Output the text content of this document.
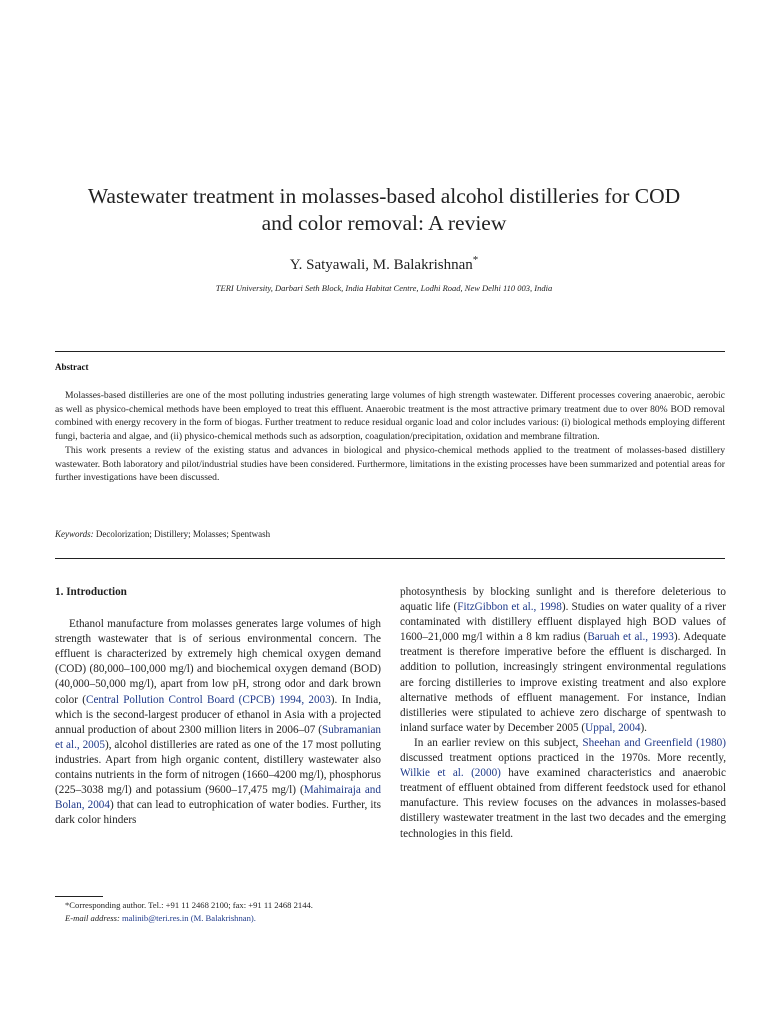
Wastewater treatment in molasses-based alcohol distilleries for COD
and color removal: A review
Y. Satyawali, M. Balakrishnan*
TERI University, Darbari Seth Block, India Habitat Centre, Lodhi Road, New Delhi 110 003, India
Abstract

Molasses-based distilleries are one of the most polluting industries generating large volumes of high strength wastewater. Different processes covering anaerobic, aerobic as well as physico-chemical methods have been employed to treat this effluent. Anaerobic treatment is the most attractive primary treatment due to over 80% BOD removal combined with energy recovery in the form of biogas. Further treatment to reduce residual organic load and color includes various: (i) biological methods employing different fungi, bacteria and algae, and (ii) physico-chemical methods such as adsorption, coagulation/precipitation, oxidation and membrane filtration.

This work presents a review of the existing status and advances in biological and physico-chemical methods applied to the treatment of molasses-based distillery wastewater. Both laboratory and pilot/industrial studies have been considered. Furthermore, limitations in the existing processes have been summarized and potential areas for further investigations have been discussed.

Keywords: Decolorization; Distillery; Molasses; Spentwash
1. Introduction

Ethanol manufacture from molasses generates large volumes of high strength wastewater that is of serious environmental concern. The effluent is characterized by extremely high chemical oxygen demand (COD) (80,000–100,000 mg/l) and biochemical oxygen demand (BOD) (40,000–50,000 mg/l), apart from low pH, strong odor and dark brown color (Central Pollution Control Board (CPCB) 1994, 2003). In India, which is the second-largest producer of ethanol in Asia with a projected annual production of about 2300 million liters in 2006–07 (Subramanian et al., 2005), alcohol distilleries are rated as one of the 17 most polluting industries. Apart from high organic content, distillery wastewater also contains nutrients in the form of nitrogen (1660–4200 mg/l), phosphorus (225–3038 mg/l) and potassium (9600–17,475 mg/l) (Mahimairaja and Bolan, 2004) that can lead to eutrophication of water bodies. Further, its dark color hinders

photosynthesis by blocking sunlight and is therefore deleterious to aquatic life (FitzGibbon et al., 1998). Studies on water quality of a river contaminated with distillery effluent displayed high BOD values of 1600–21,000 mg/l within a 8 km radius (Baruah et al., 1993). Adequate treatment is therefore imperative before the effluent is discharged. In addition to pollution, increasingly stringent environmental regulations are forcing distilleries to improve existing treatment and also explore alternative methods of effluent management. For instance, Indian distilleries were stipulated to achieve zero discharge of spentwash to inland surface water by December 2005 (Uppal, 2004).

In an earlier review on this subject, Sheehan and Greenfield (1980) discussed treatment options practiced in the 1970s. More recently, Wilkie et al. (2000) have examined characteristics and anaerobic treatment of effluent obtained from different feedstock used for ethanol manufacture. This review focuses on the advances in molasses-based distillery wastewater treatment in the last two decades and the emerging technologies in this field.

*Corresponding author. Tel.: +91 11 2468 2100; fax: +91 11 2468 2144.
E-mail address: malinib@teri.res.in (M. Balakrishnan).
